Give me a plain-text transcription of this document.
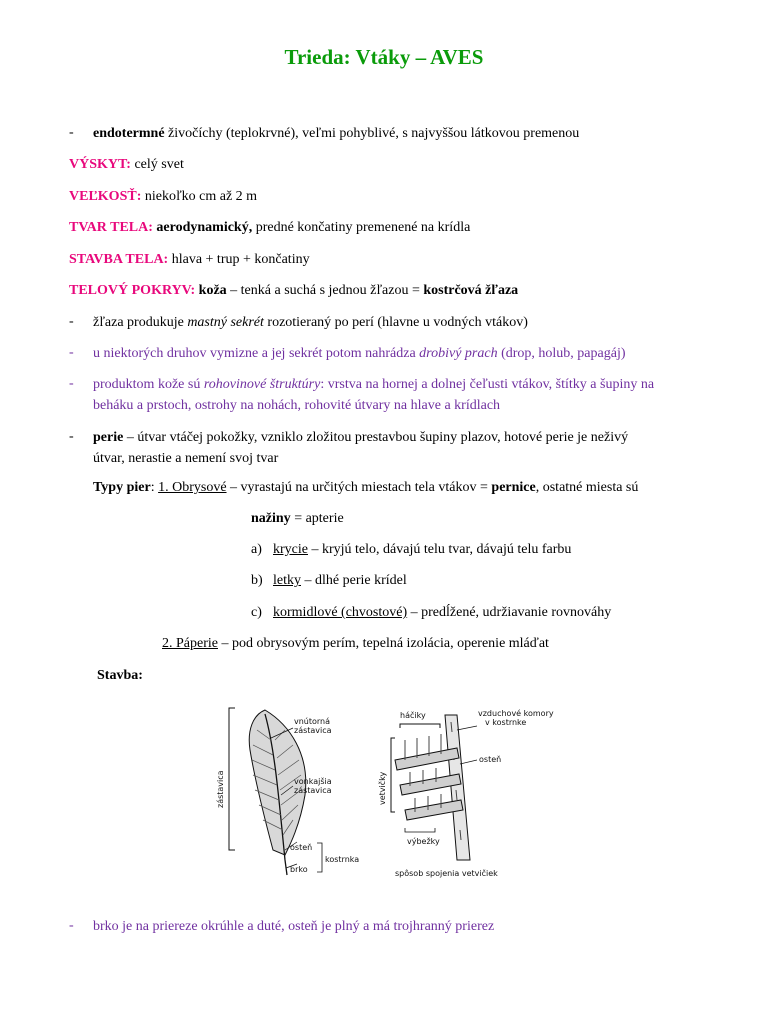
Trieda: Vtáky – AVES
- endotermné živočíchy (teplokrvné), veľmi pohyblivé, s najvyššou látkovou premenou
VÝSKYT: celý svet
VEĽKOSŤ: niekoľko cm až 2 m
TVAR TELA: aerodynamický, predné končatiny premenené na krídla
STAVBA TELA: hlava + trup + končatiny
TELOVÝ POKRYV: koža – tenká a suchá s jednou žľazou = kostrčová žľaza
- žľaza produkuje mastný sekrét rozotieraný po perí (hlavne u vodných vtákov)
- u niektorých druhov vymizne a jej sekrét potom nahrádza drobivý prach (drop, holub, papagáj)
- produktom kože sú rohovinové štruktúry: vrstva na hornej a dolnej čeľusti vtákov, štítky a šupiny na
beháku a prstoch, ostrohy na nohách, rohovité útvary na hlave a krídlach
- perie – útvar vtáčej pokožky, vzniklo zložitou prestavbou šupiny plazov, hotové perie je neživý
útvar, nerastie a nemení svoj tvar
Typy pier: 1. Obrysové – vyrastajú na určitých miestach tela vtákov = pernice, ostatné miesta sú
nažiny = apterie
a) krycie – kryjú telo, dávajú telu tvar, dávajú telu farbu
b) letky – dlhé perie krídel
c) kormidlové (chvostové) – predĺžené, udržiavanie rovnováhy
2. Páperie – pod obrysovým perím, tepelná izolácia, operenie mláďat
Stavba:
zástavica
vnútorná
zástavica
vonkajšia
zástavica
osteň
brko
kostrnka
háčiky	vzduchové komory
v kostrnke
osteň
vetvičky
výbežky
spôsob spojenia vetvičiek
- brko je na priereze okrúhle a duté, osteň je plný a má trojhranný prierez
